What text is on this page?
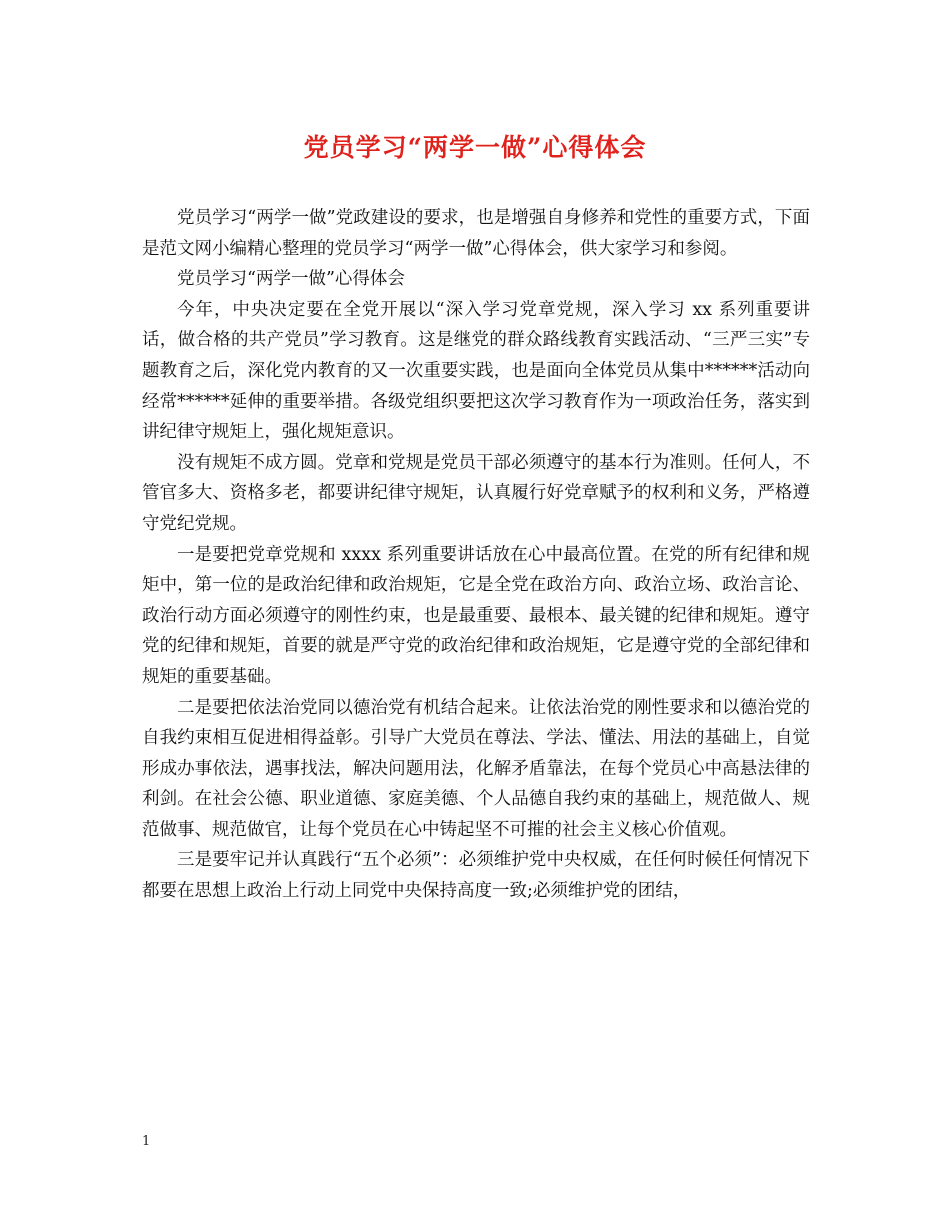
党员学习“两学一做”心得体会

党员学习“两学一做”党政建设的要求，也是增强自身修养和党性的重要方式，下面是范文网小编精心整理的党员学习“两学一做”心得体会，供大家学习和参阅。

党员学习“两学一做”心得体会

今年，中央决定要在全党开展以“深入学习党章党规，深入学习 xx 系列重要讲话，做合格的共产党员”学习教育。这是继党的群众路线教育实践活动、“三严三实”专题教育之后，深化党内教育的又一次重要实践，也是面向全体党员从集中******活动向经常******延伸的重要举措。各级党组织要把这次学习教育作为一项政治任务，落实到讲纪律守规矩上，强化规矩意识。

没有规矩不成方圆。党章和党规是党员干部必须遵守的基本行为准则。任何人，不管官多大、资格多老，都要讲纪律守规矩，认真履行好党章赋予的权利和义务，严格遵守党纪党规。

一是要把党章党规和 xxxx 系列重要讲话放在心中最高位置。在党的所有纪律和规矩中，第一位的是政治纪律和政治规矩，它是全党在政治方向、政治立场、政治言论、政治行动方面必须遵守的刚性约束，也是最重要、最根本、最关键的纪律和规矩。遵守党的纪律和规矩，首要的就是严守党的政治纪律和政治规矩，它是遵守党的全部纪律和规矩的重要基础。

二是要把依法治党同以德治党有机结合起来。让依法治党的刚性要求和以德治党的自我约束相互促进相得益彰。引导广大党员在尊法、学法、懂法、用法的基础上，自觉形成办事依法，遇事找法，解决问题用法，化解矛盾靠法，在每个党员心中高悬法律的利剑。在社会公德、职业道德、家庭美德、个人品德自我约束的基础上，规范做人、规范做事、规范做官，让每个党员在心中铸起坚不可摧的社会主义核心价值观。

三是要牢记并认真践行“五个必须”：必须维护党中央权威，在任何时候任何情况下都要在思想上政治上行动上同党中央保持高度一致;必须维护党的团结，

1
